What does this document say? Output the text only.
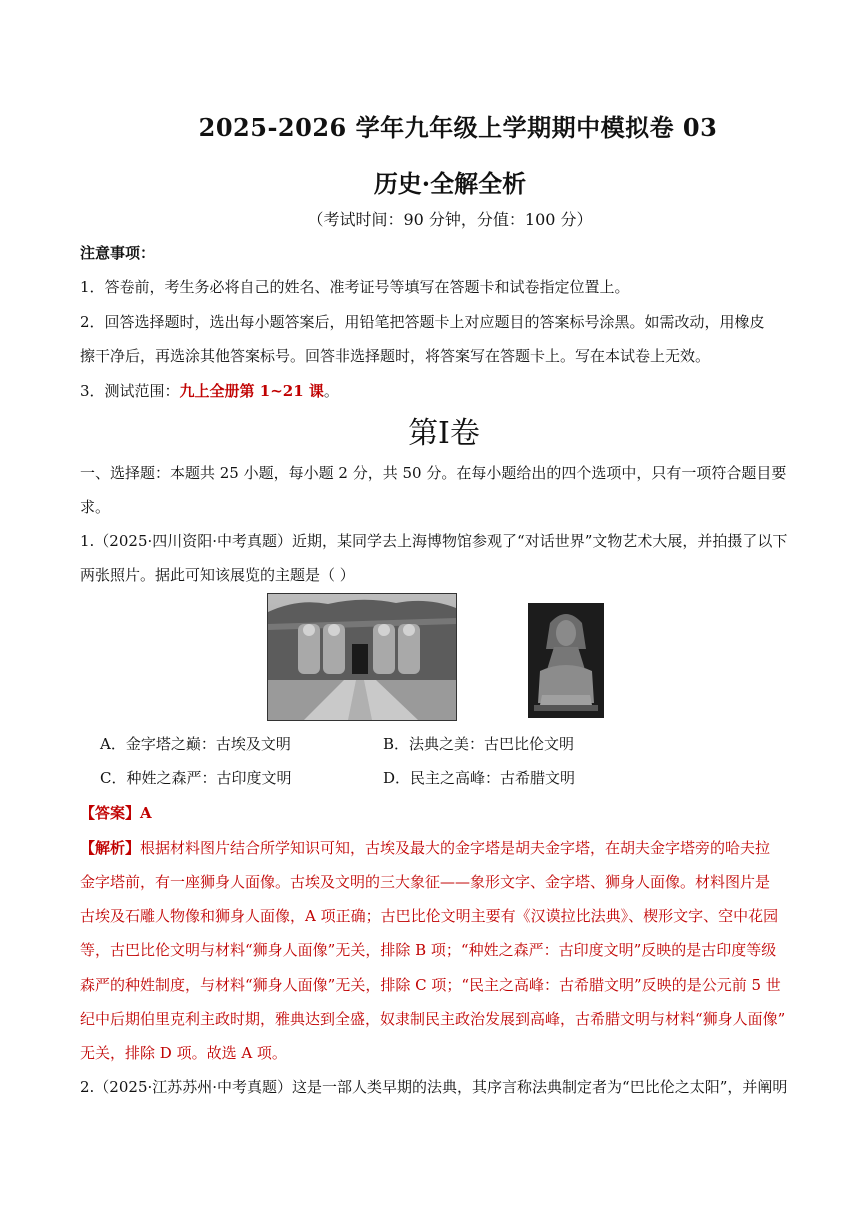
2025-2026 学年九年级上学期期中模拟卷 03
历史·全解全析
（考试时间：90 分钟，分值：100 分）
注意事项：
1．答卷前，考生务必将自己的姓名、准考证号等填写在答题卡和试卷指定位置上。
2．回答选择题时，选出每小题答案后，用铅笔把答题卡上对应题目的答案标号涂黑。如需改动，用橡皮
擦干净后，再选涂其他答案标号。回答非选择题时，将答案写在答题卡上。写在本试卷上无效。
3．测试范围：九上全册第 1~21 课。
第I卷
一、选择题：本题共 25 小题，每小题 2 分，共 50 分。在每小题给出的四个选项中，只有一项符合题目要
求。
1.（2025·四川资阳·中考真题）近期，某同学去上海博物馆参观了“对话世界”文物艺术大展，并拍摄了以下
两张照片。据此可知该展览的主题是（ ）
A．金字塔之巅：古埃及文明	B．法典之美：古巴比伦文明
C．种姓之森严：古印度文明	D．民主之高峰：古希腊文明
【答案】A
【解析】根据材料图片结合所学知识可知，古埃及最大的金字塔是胡夫金字塔，在胡夫金字塔旁的哈夫拉
金字塔前，有一座狮身人面像。古埃及文明的三大象征——象形文字、金字塔、狮身人面像。材料图片是
古埃及石雕人物像和狮身人面像，A 项正确；古巴比伦文明主要有《汉谟拉比法典》、楔形文字、空中花园
等，古巴比伦文明与材料“狮身人面像”无关，排除 B 项；“种姓之森严：古印度文明”反映的是古印度等级
森严的种姓制度，与材料“狮身人面像”无关，排除 C 项；“民主之高峰：古希腊文明”反映的是公元前 5 世
纪中后期伯里克利主政时期，雅典达到全盛，奴隶制民主政治发展到高峰，古希腊文明与材料“狮身人面像”
无关，排除 D 项。故选 A 项。
2.（2025·江苏苏州·中考真题）这是一部人类早期的法典，其序言称法典制定者为“巴比伦之太阳”，并阐明
